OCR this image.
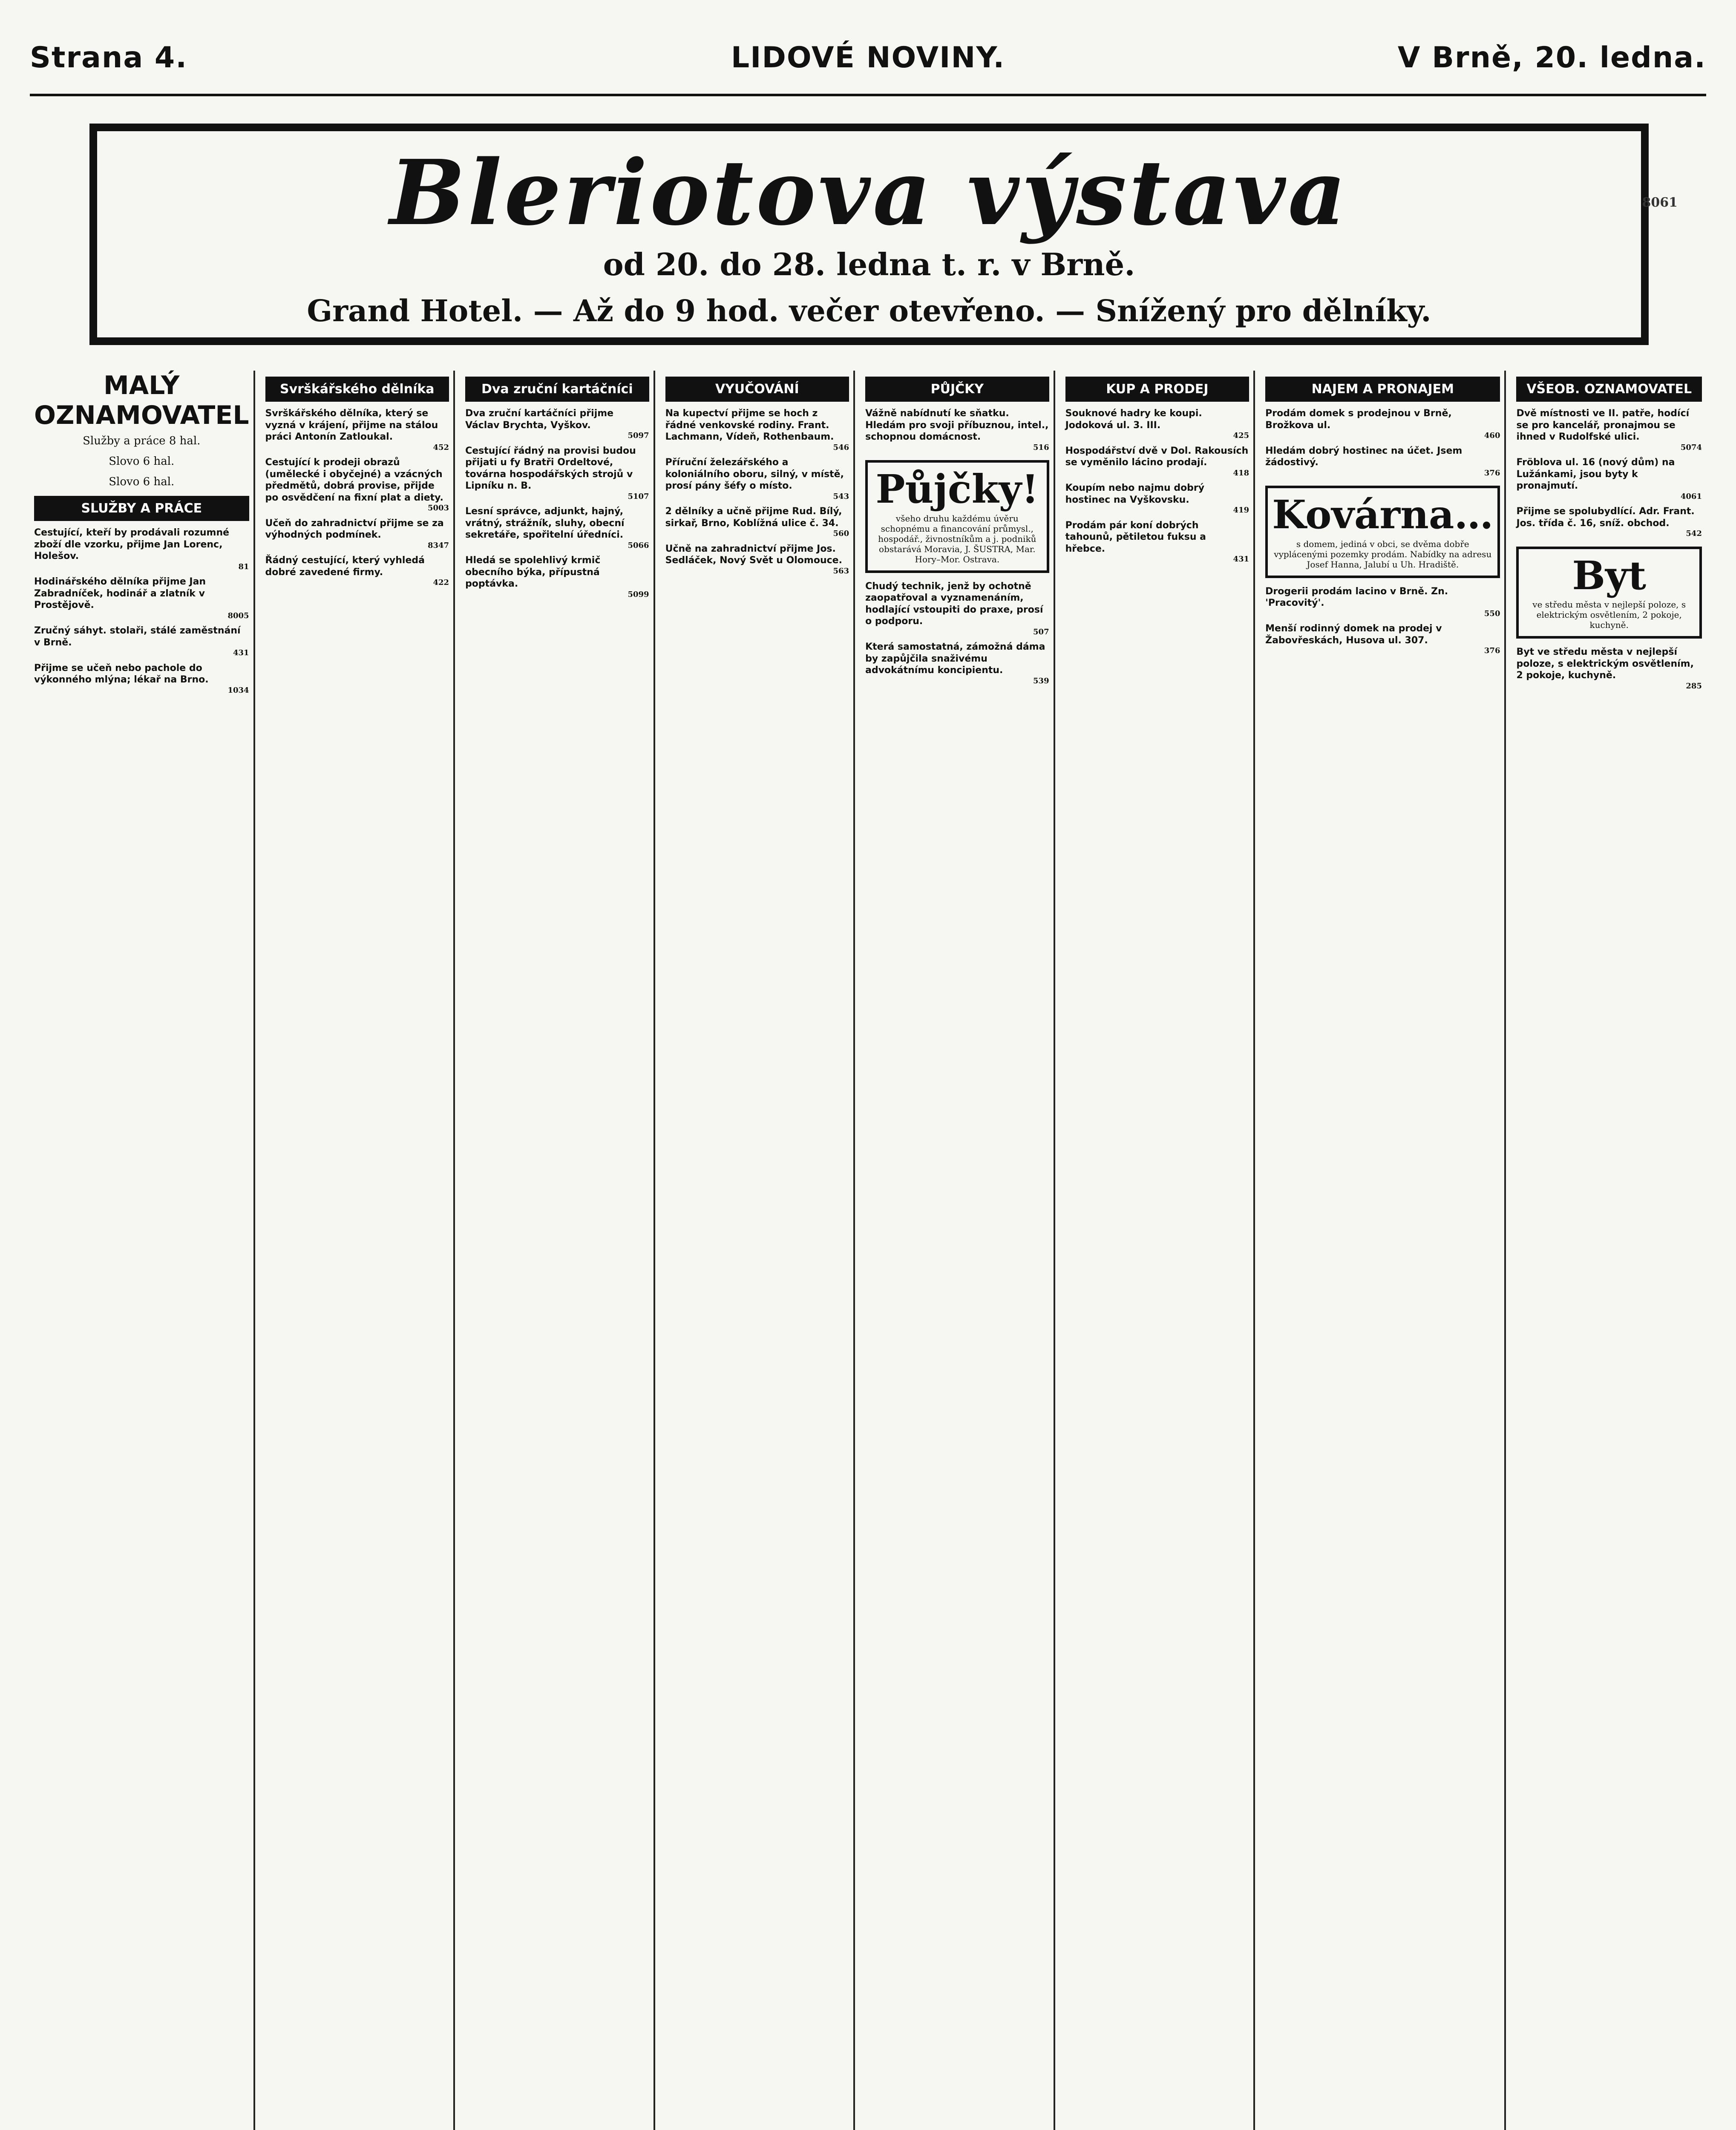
Strana 4.	LIDOVÉ NOVINY.	V Brně, 20. ledna.
Bleriotova výstava
od 20. do 28. ledna t. r. v Brně.
Grand Hotel. — Až do 9 hod. večer otevřeno. — Snížený pro dělníky.
8061
MALÝ OZNAMOVATEL
Služby a práce 8 hal.
Slovo 6 hal.
Slovo 6 hal.
SLUŽBY A PRÁCE
Cestující, kteří by prodávali rozumné zboží dle vzorku, přijme Jan Lorenc, Holešov.
81
Hodinářského dělníka přijme Jan Zabradníček, hodinář a zlatník v Prostějově.
8005
Zručný sáhyt. stolaři, stálé zaměstnání v Brně.
431
Přijme se učeň nebo pachole do výkonného mlýna; lékař na Brno.
1034
Svrškářského dělníka
Svrškářského dělníka, který se vyzná v krájení, přijme na stálou práci Antonín Zatloukal.
452
Cestující k prodeji obrazů (umělecké i obyčejné) a vzácných předmětů, dobrá provise, přijde po osvědčení na fixní plat a diety.
5003
Učeň do zahradnictví přijme se za výhodných podmínek.
8347
Řádný cestující, který vyhledá dobré zavedené firmy.
422
Dva zruční kartáčníci
Dva zruční kartáčníci přijme Václav Brychta, Vyškov.
5097
Cestující řádný na provisi budou přijati u fy Bratři Ordeltové, továrna hospodářských strojů v Lipníku n. B.
5107
Lesní správce, adjunkt, hajný, vrátný, strážník, sluhy, obecní sekretáře, spořitelní úředníci.
5066
Hledá se spolehlivý krmič obecního býka, přípustná poptávka.
5099
VYUČOVÁNÍ
Na kupectví přijme se hoch z řádné venkovské rodiny. Frant. Lachmann, Vídeň, Rothenbaum.
546
Příruční železářského a koloniálního oboru, silný, v místě, prosí pány šéfy o místo.
543
2 dělníky a učně přijme Rud. Bílý, sirkař, Brno, Koblížná ulice č. 34.
560
Učně na zahradnictví přijme Jos. Sedláček, Nový Svět u Olomouce.
563
PŮJČKY
Vážně nabídnutí ke sňatku. Hledám pro svoji příbuznou, intel., schopnou domácnost.
516
Půjčky!
všeho druhu každému úvěru schopnému a financování průmysl., hospodář., živnostníkům a j. podniků obstarává Moravia, J. ŠUSTRA, Mar. Hory–Mor. Ostrava.
Chudý technik, jenž by ochotně zaopatřoval a vyznamenáním, hodlající vstoupiti do praxe, prosí o podporu.
507
Která samostatná, zámožná dáma by zapůjčila snaživému advokátnímu koncipientu.
539
KUP A PRODEJ
Souknové hadry ke koupi. Jodoková ul. 3. III.
425
Hospodářství dvě v Dol. Rakousích se vyměnilo lácino prodají.
418
Koupím nebo najmu dobrý hostinec na Vyškovsku.
419
Prodám pár koní dobrých tahounů, pětiletou fuksu a hřebce.
431
NAJEM A PRONAJEM
Prodám domek s prodejnou v Brně, Brožkova ul.
460
Hledám dobrý hostinec na účet. Jsem žádostivý.
376
Kovárna…
s domem, jediná v obci, se dvěma dobře vyplácenými pozemky prodám. Nabídky na adresu Josef Hanna, Jalubí u Uh. Hradiště.
Drogerii prodám lacino v Brně. Zn. 'Pracovitý'.
550
Menší rodinný domek na prodej v Žabovřeskách, Husova ul. 307.
376
VŠEOB. OZNAMOVATEL
Dvě místnosti ve II. patře, hodící se pro kancelář, pronajmou se ihned v Rudolfské ulici.
5074
Fröblova ul. 16 (nový dům) na Lužánkami, jsou byty k pronajmutí.
4061
Přijme se spolubydlící. Adr. Frant. Jos. třída č. 16, sníž. obchod.
542
Byt
ve středu města v nejlepší poloze, s elektrickým osvětlením, 2 pokoje, kuchyně.
Byt ve středu města v nejlepší poloze, s elektrickým osvětlením, 2 pokoje, kuchyně.
285
